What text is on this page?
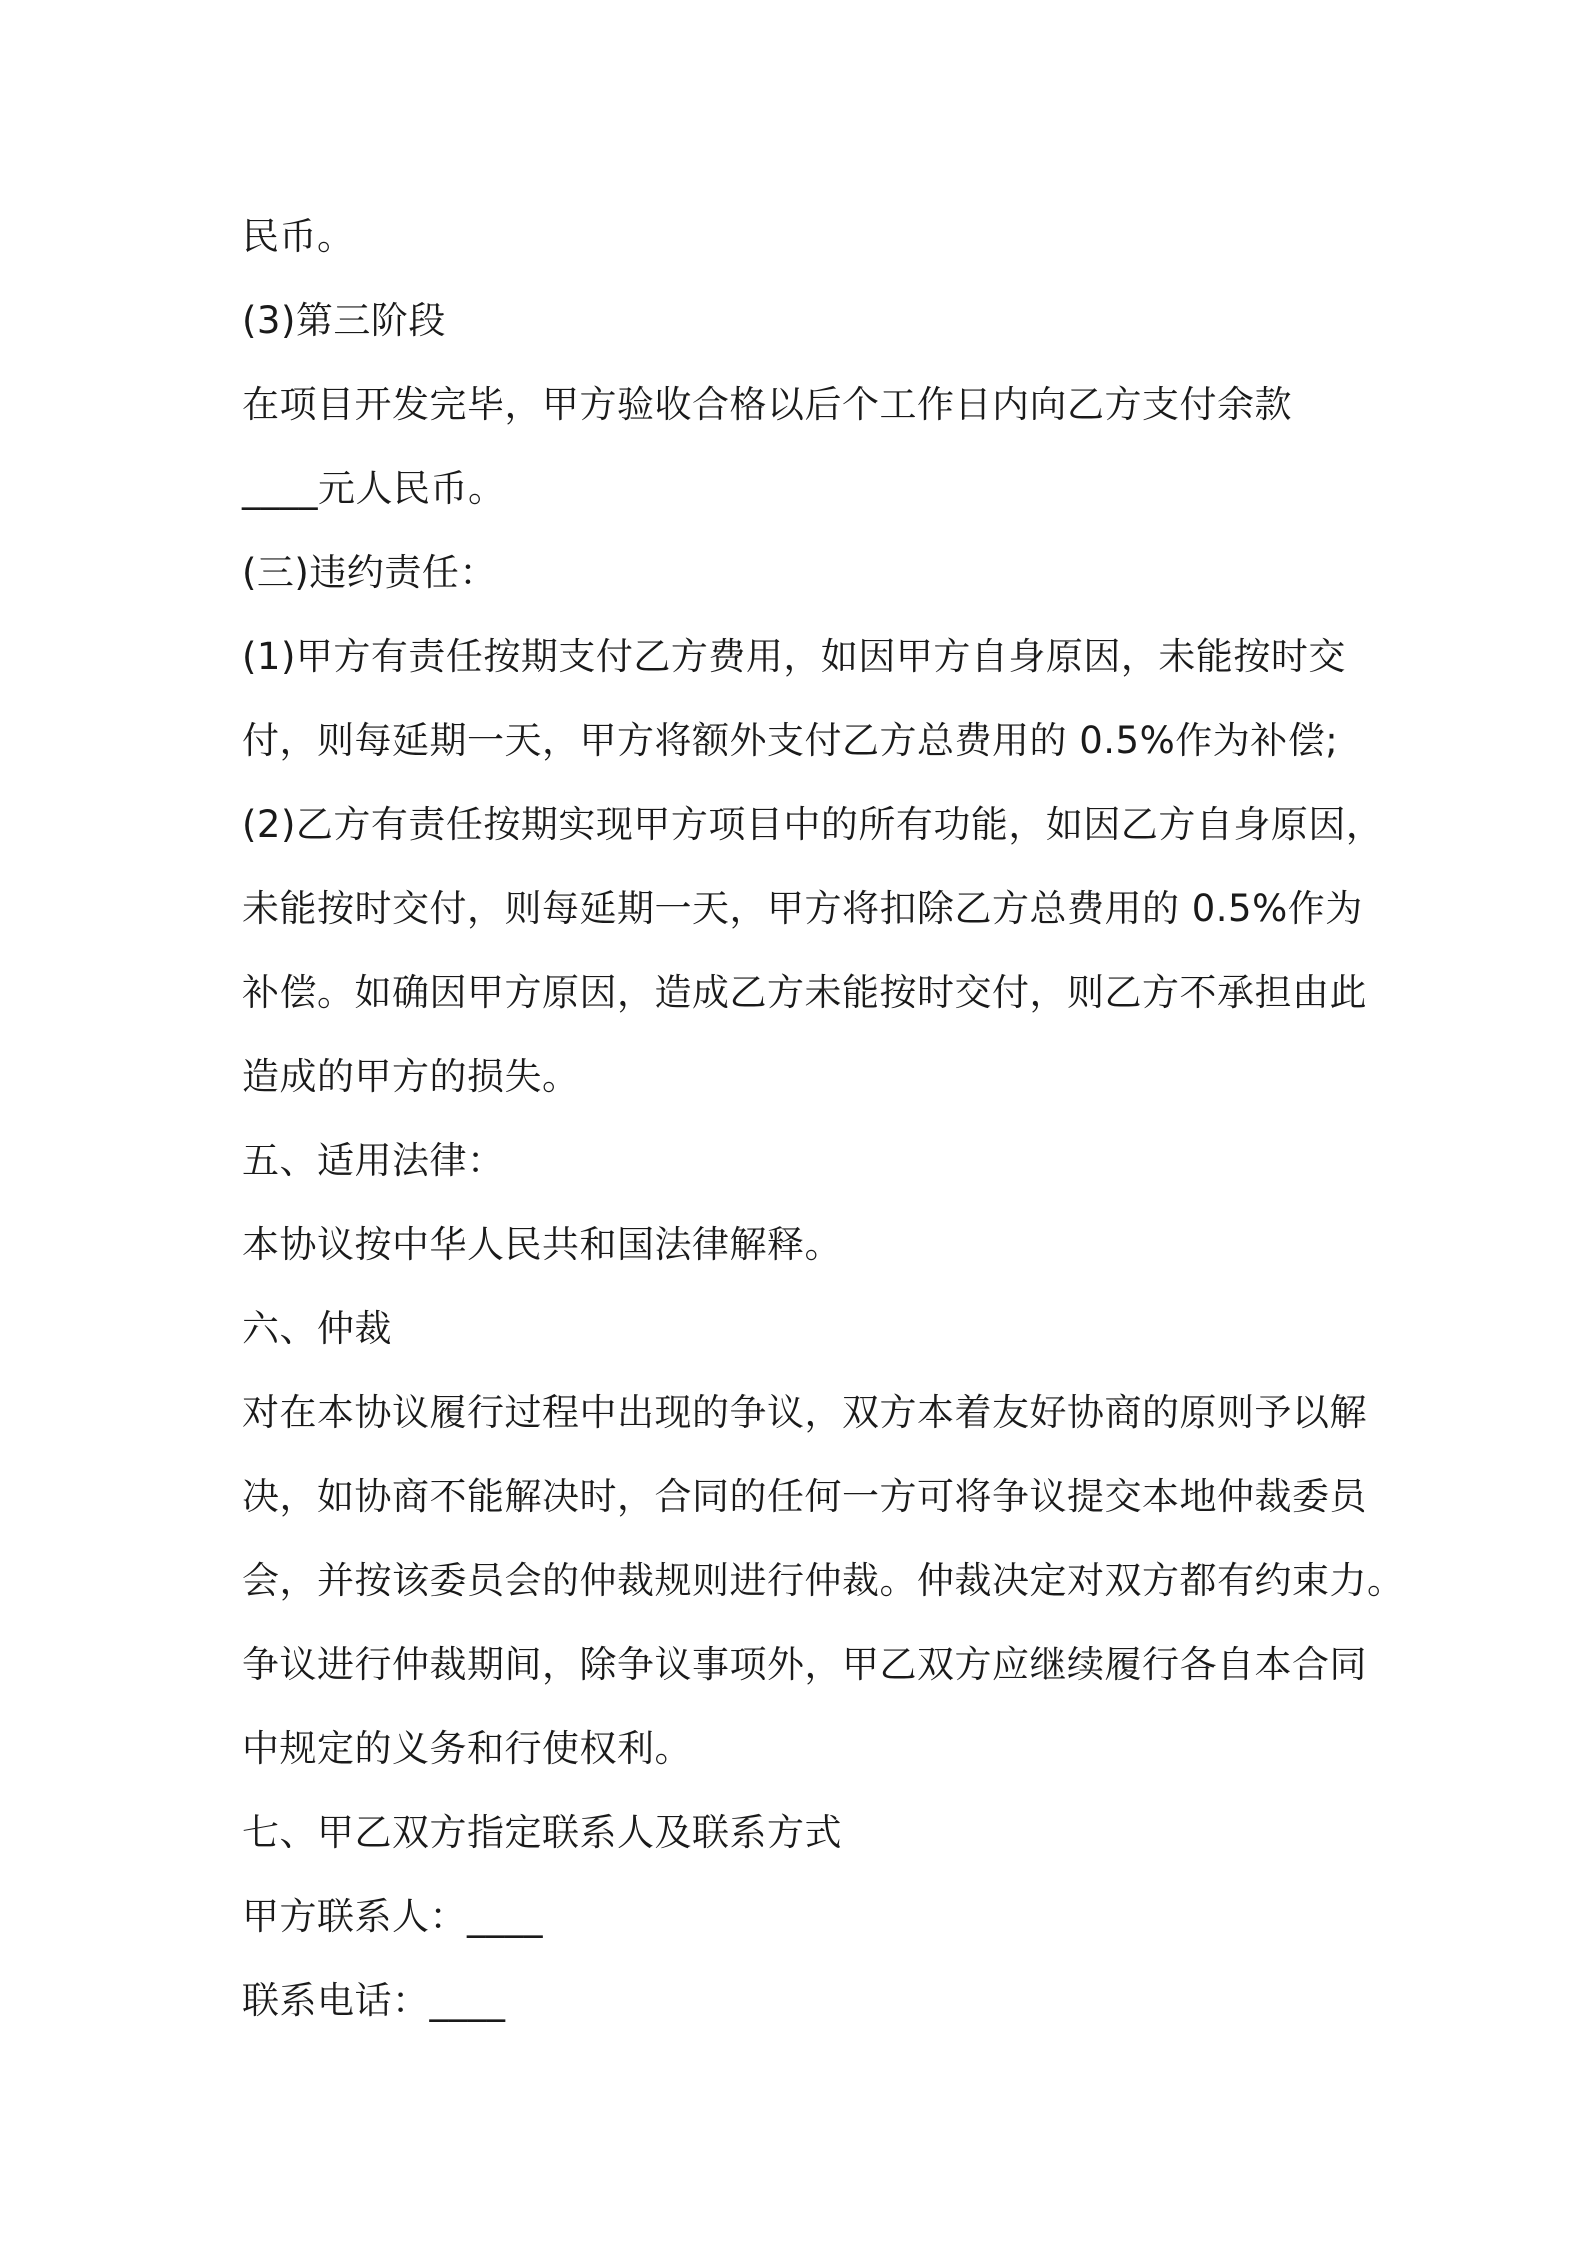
民币。
(3)第三阶段
在项目开发完毕，甲方验收合格以后个工作日内向乙方支付余款
____元人民币。
(三)违约责任：
(1)甲方有责任按期支付乙方费用，如因甲方自身原因，未能按时交
付，则每延期一天，甲方将额外支付乙方总费用的 0.5%作为补偿;
(2)乙方有责任按期实现甲方项目中的所有功能，如因乙方自身原因，
未能按时交付，则每延期一天，甲方将扣除乙方总费用的 0.5%作为
补偿。如确因甲方原因，造成乙方未能按时交付，则乙方不承担由此
造成的甲方的损失。
五、适用法律：
本协议按中华人民共和国法律解释。
六、仲裁
对在本协议履行过程中出现的争议，双方本着友好协商的原则予以解
决，如协商不能解决时，合同的任何一方可将争议提交本地仲裁委员
会，并按该委员会的仲裁规则进行仲裁。仲裁决定对双方都有约束力。
争议进行仲裁期间，除争议事项外，甲乙双方应继续履行各自本合同
中规定的义务和行使权利。
七、甲乙双方指定联系人及联系方式
甲方联系人：____
联系电话：____
